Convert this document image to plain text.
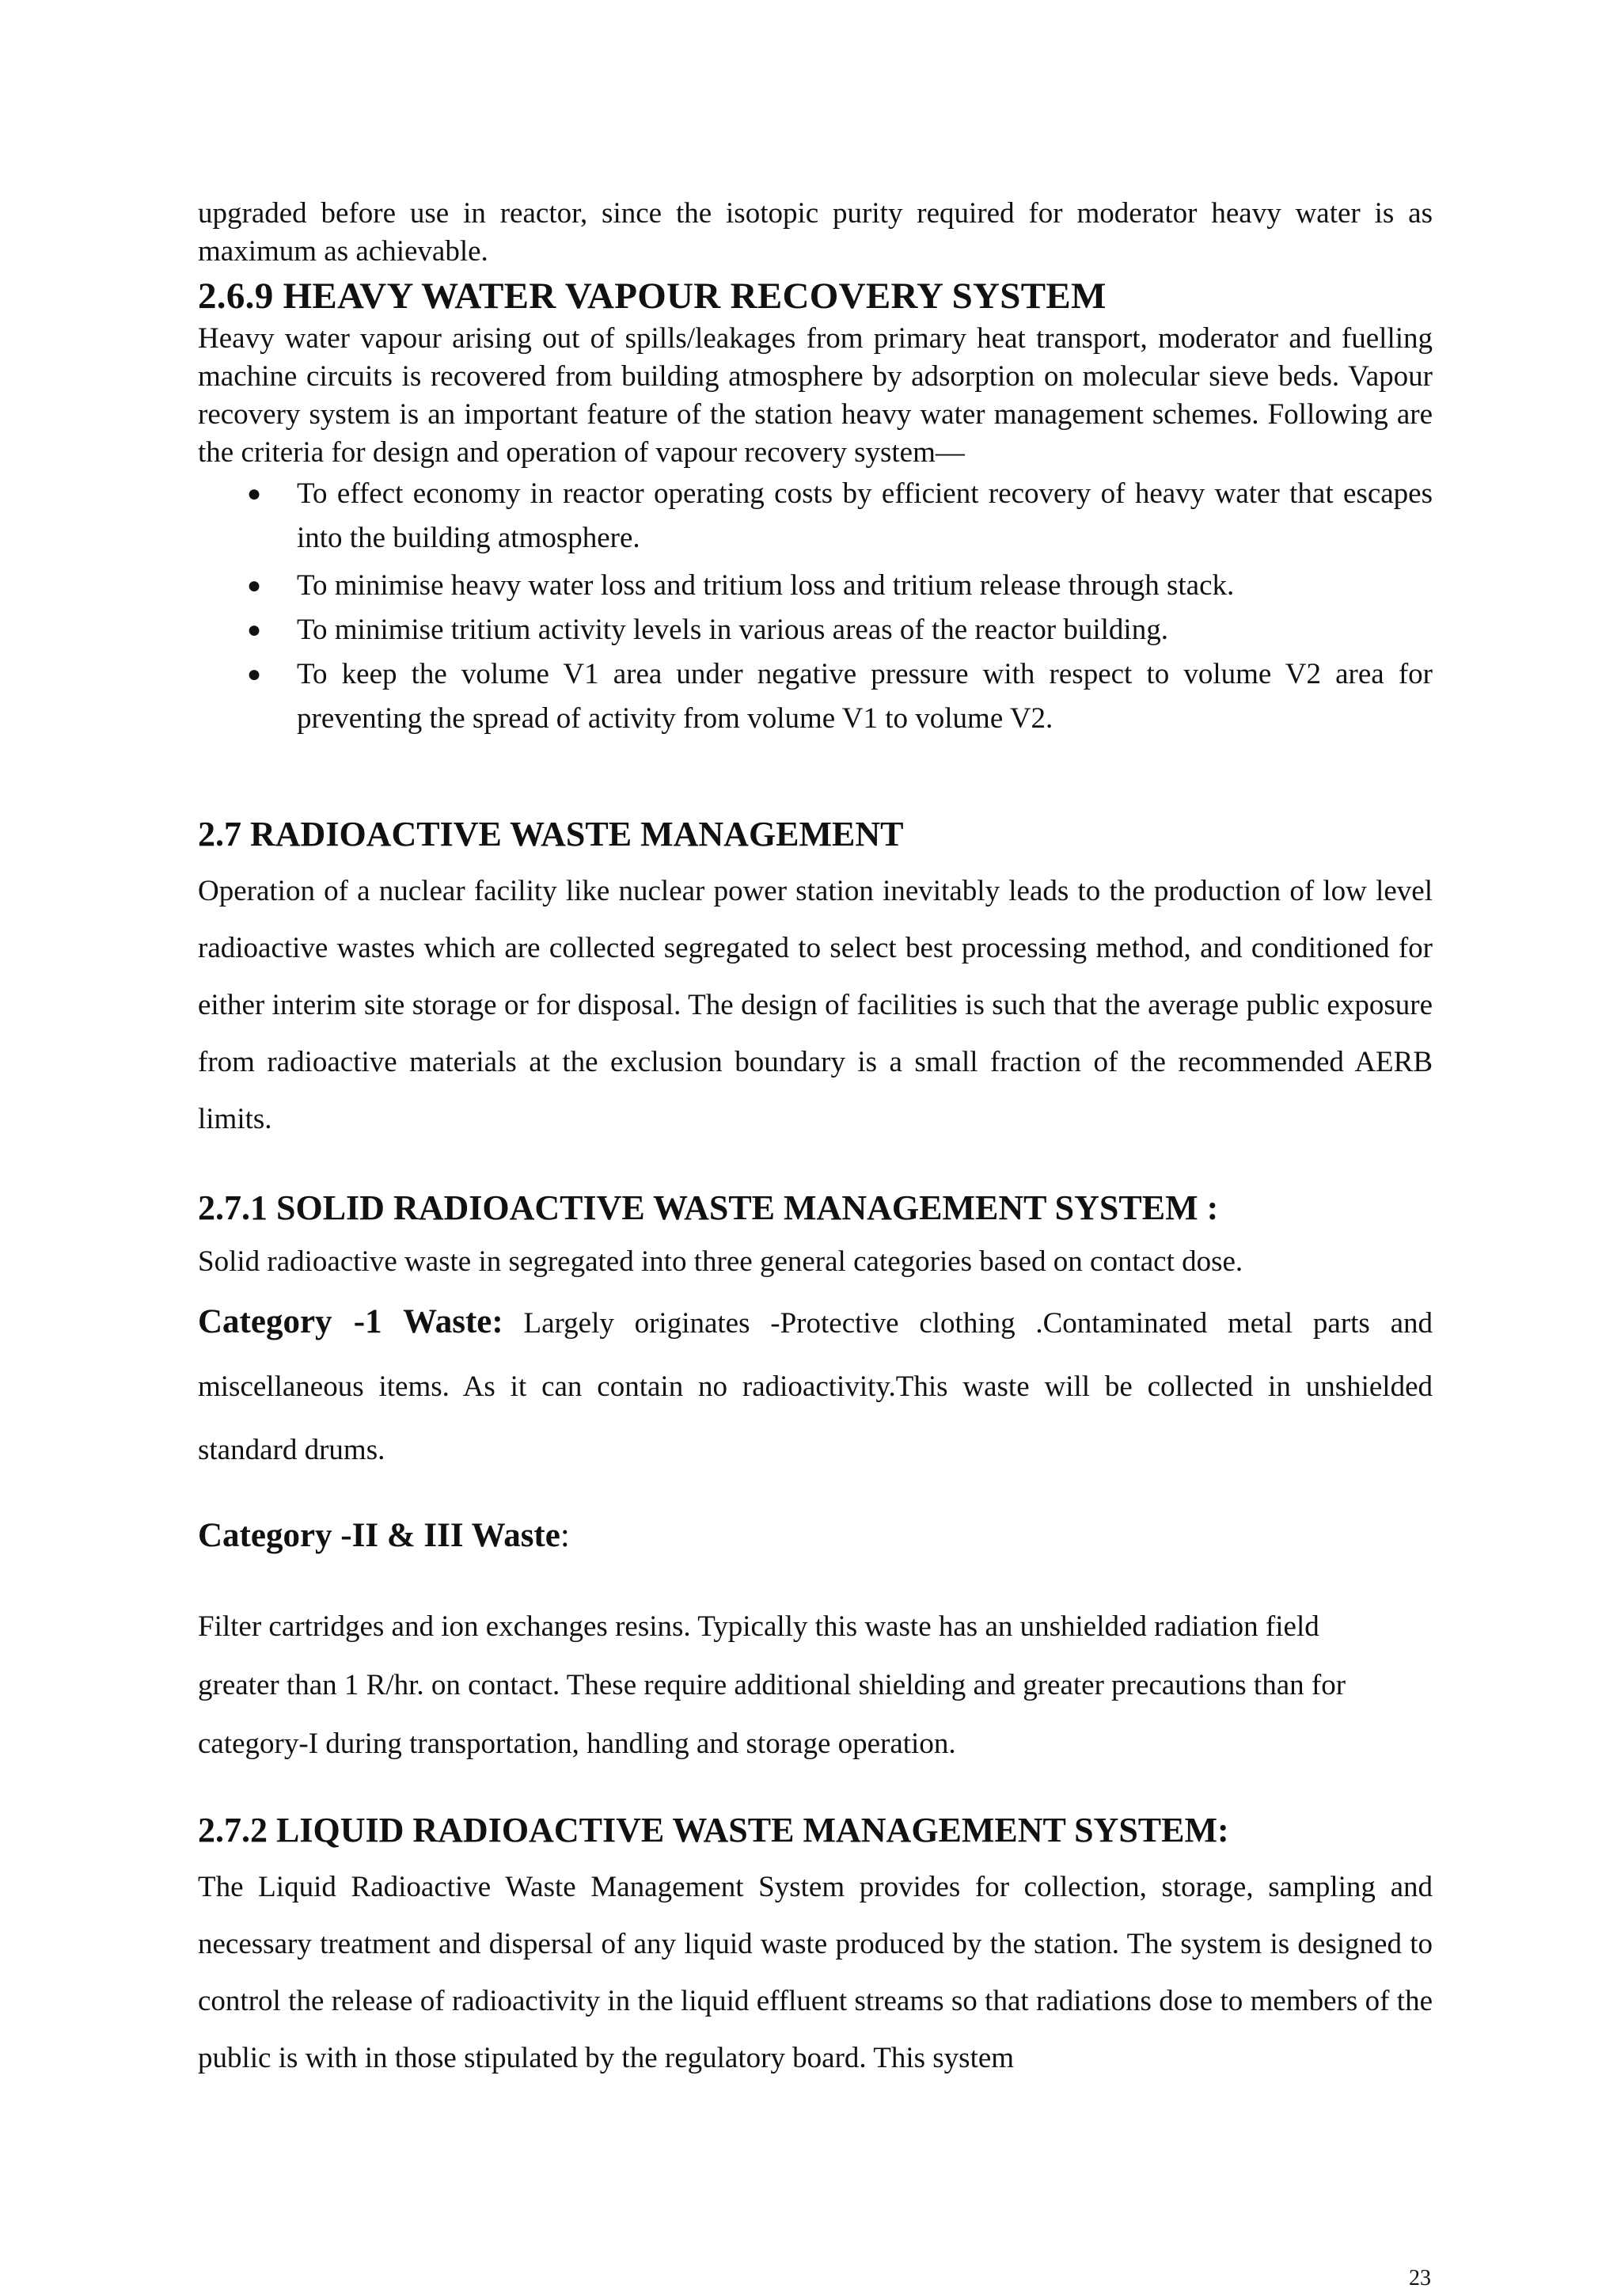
upgraded before use in reactor, since the isotopic purity required for moderator heavy water is as maximum as achievable.

2.6.9 HEAVY WATER VAPOUR RECOVERY SYSTEM

Heavy water vapour arising out of spills/leakages from primary heat transport, moderator and fuelling machine circuits is recovered from building atmosphere by adsorption on molecular sieve beds. Vapour recovery system is an important feature of the station heavy water management schemes. Following are the criteria for design and operation of vapour recovery system—

● To effect economy in reactor operating costs by efficient recovery of heavy water that escapes into the building atmosphere.
● To minimise heavy water loss and tritium loss and tritium release through stack.
● To minimise tritium activity levels in various areas of the reactor building.
● To keep the volume V1 area under negative pressure with respect to volume V2 area for preventing the spread of activity from volume V1 to volume V2.
2.7 RADIOACTIVE WASTE MANAGEMENT

Operation of a nuclear facility like nuclear power station inevitably leads to the production of low level radioactive wastes which are collected segregated to select best processing method, and conditioned for either interim site storage or for disposal. The design of facilities is such that the average public exposure from radioactive materials at the exclusion boundary is a small fraction of the recommended AERB limits.

2.7.1 SOLID RADIOACTIVE WASTE MANAGEMENT SYSTEM :

Solid radioactive waste in segregated into three general categories based on contact dose.

Category -1 Waste: Largely originates -Protective clothing .Contaminated metal parts and miscellaneous items. As it can contain no radioactivity.This waste will be collected in unshielded standard drums.

Category -II & III Waste:

Filter cartridges and ion exchanges resins. Typically this waste has an unshielded radiation field greater than 1 R/hr. on contact. These require additional shielding and greater precautions than for category-I during transportation, handling and storage operation.

2.7.2 LIQUID RADIOACTIVE WASTE MANAGEMENT SYSTEM:

The Liquid Radioactive Waste Management System provides for collection, storage, sampling and necessary treatment and dispersal of any liquid waste produced by the station. The system is designed to control the release of radioactivity in the liquid effluent streams so that radiations dose to members of the public is with in those stipulated by the regulatory board. This system

23
